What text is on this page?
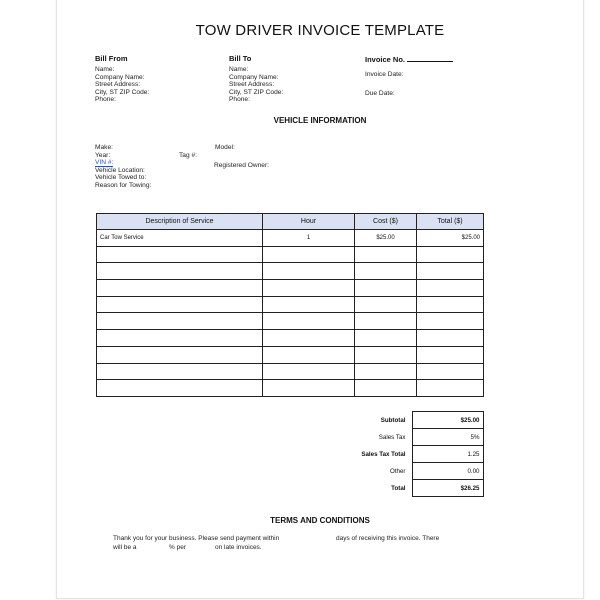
TOW DRIVER INVOICE TEMPLATE
Bill From
Name:
Company Name:
Street Address:
City, ST ZIP Code:
Phone:
Bill To
Name:
Company Name:
Street Address:
City, ST ZIP Code:
Phone:
Invoice No.
Invoice Date:
Due Date:
VEHICLE INFORMATION
Make:
Year:
VIN #:
Vehicle Location:
Vehicle Towed to:
Reason for Towing:
Tag #:
Model:
Registered Owner:
Description of Service	Hour	Cost ($)	Total ($)
Car Tow Service	1	$25.00	$25.00

Subtotal	$25.00
Sales Tax	5%
Sales Tax Total	1.25
Other	0.00
Total	$26.25
TERMS AND CONDITIONS
Thank you for your business. Please send payment within	days of receiving this invoice. There
will be a	% per	on late invoices.
